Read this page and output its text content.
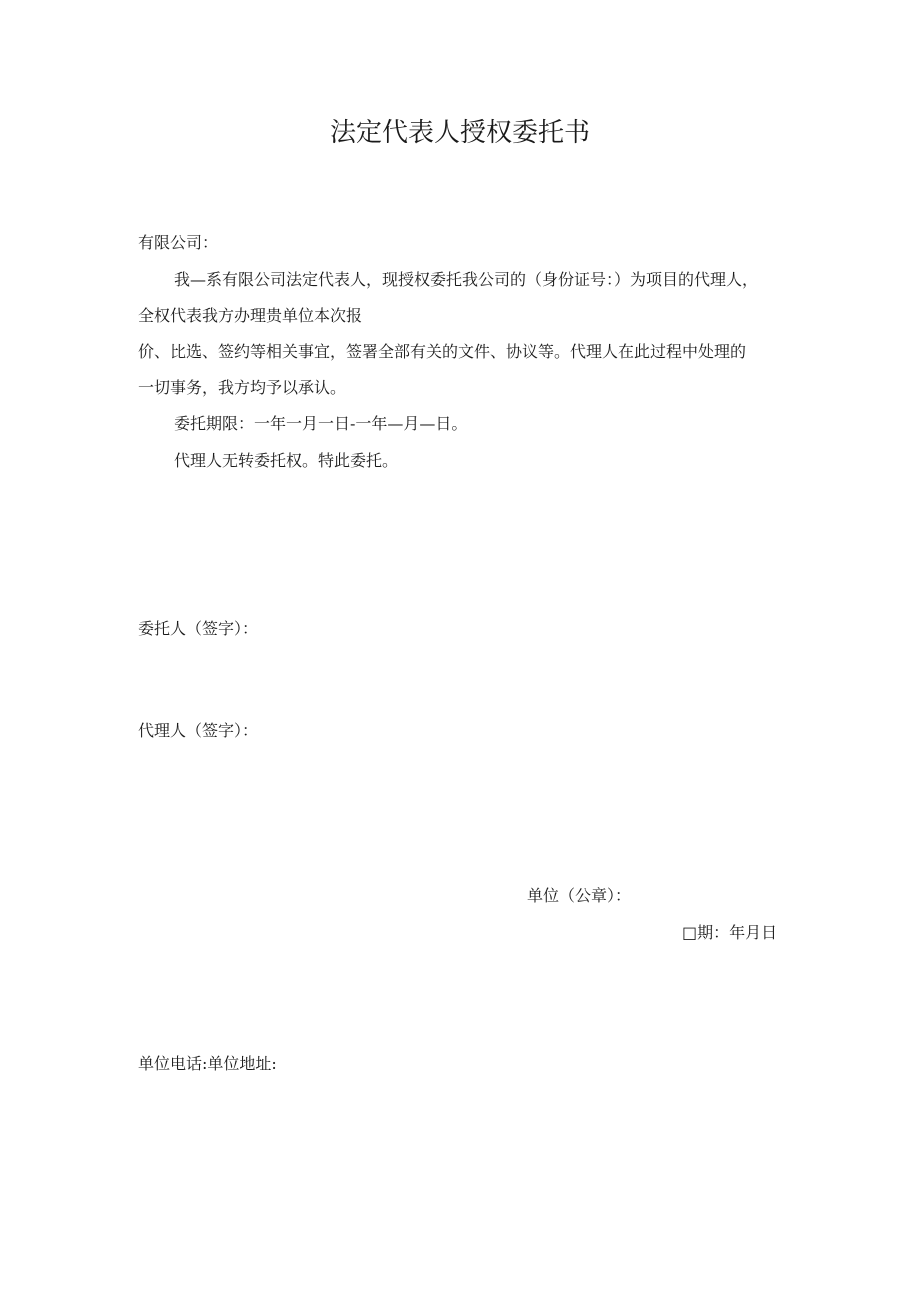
法定代表人授权委托书
有限公司：
我—系有限公司法定代表人，现授权委托我公司的（身份证号：）为项目的代理人，
全权代表我方办理贵单位本次报
价、比选、签约等相关事宜，签署全部有关的文件、协议等。代理人在此过程中处理的
一切事务，我方均予以承认。
委托期限：一年一月一日-一年—月—日。
代理人无转委托权。特此委托。
委托人（签字）：
代理人（签字）：
单位（公章）：
□期：年月日
单位电话:单位地址:
